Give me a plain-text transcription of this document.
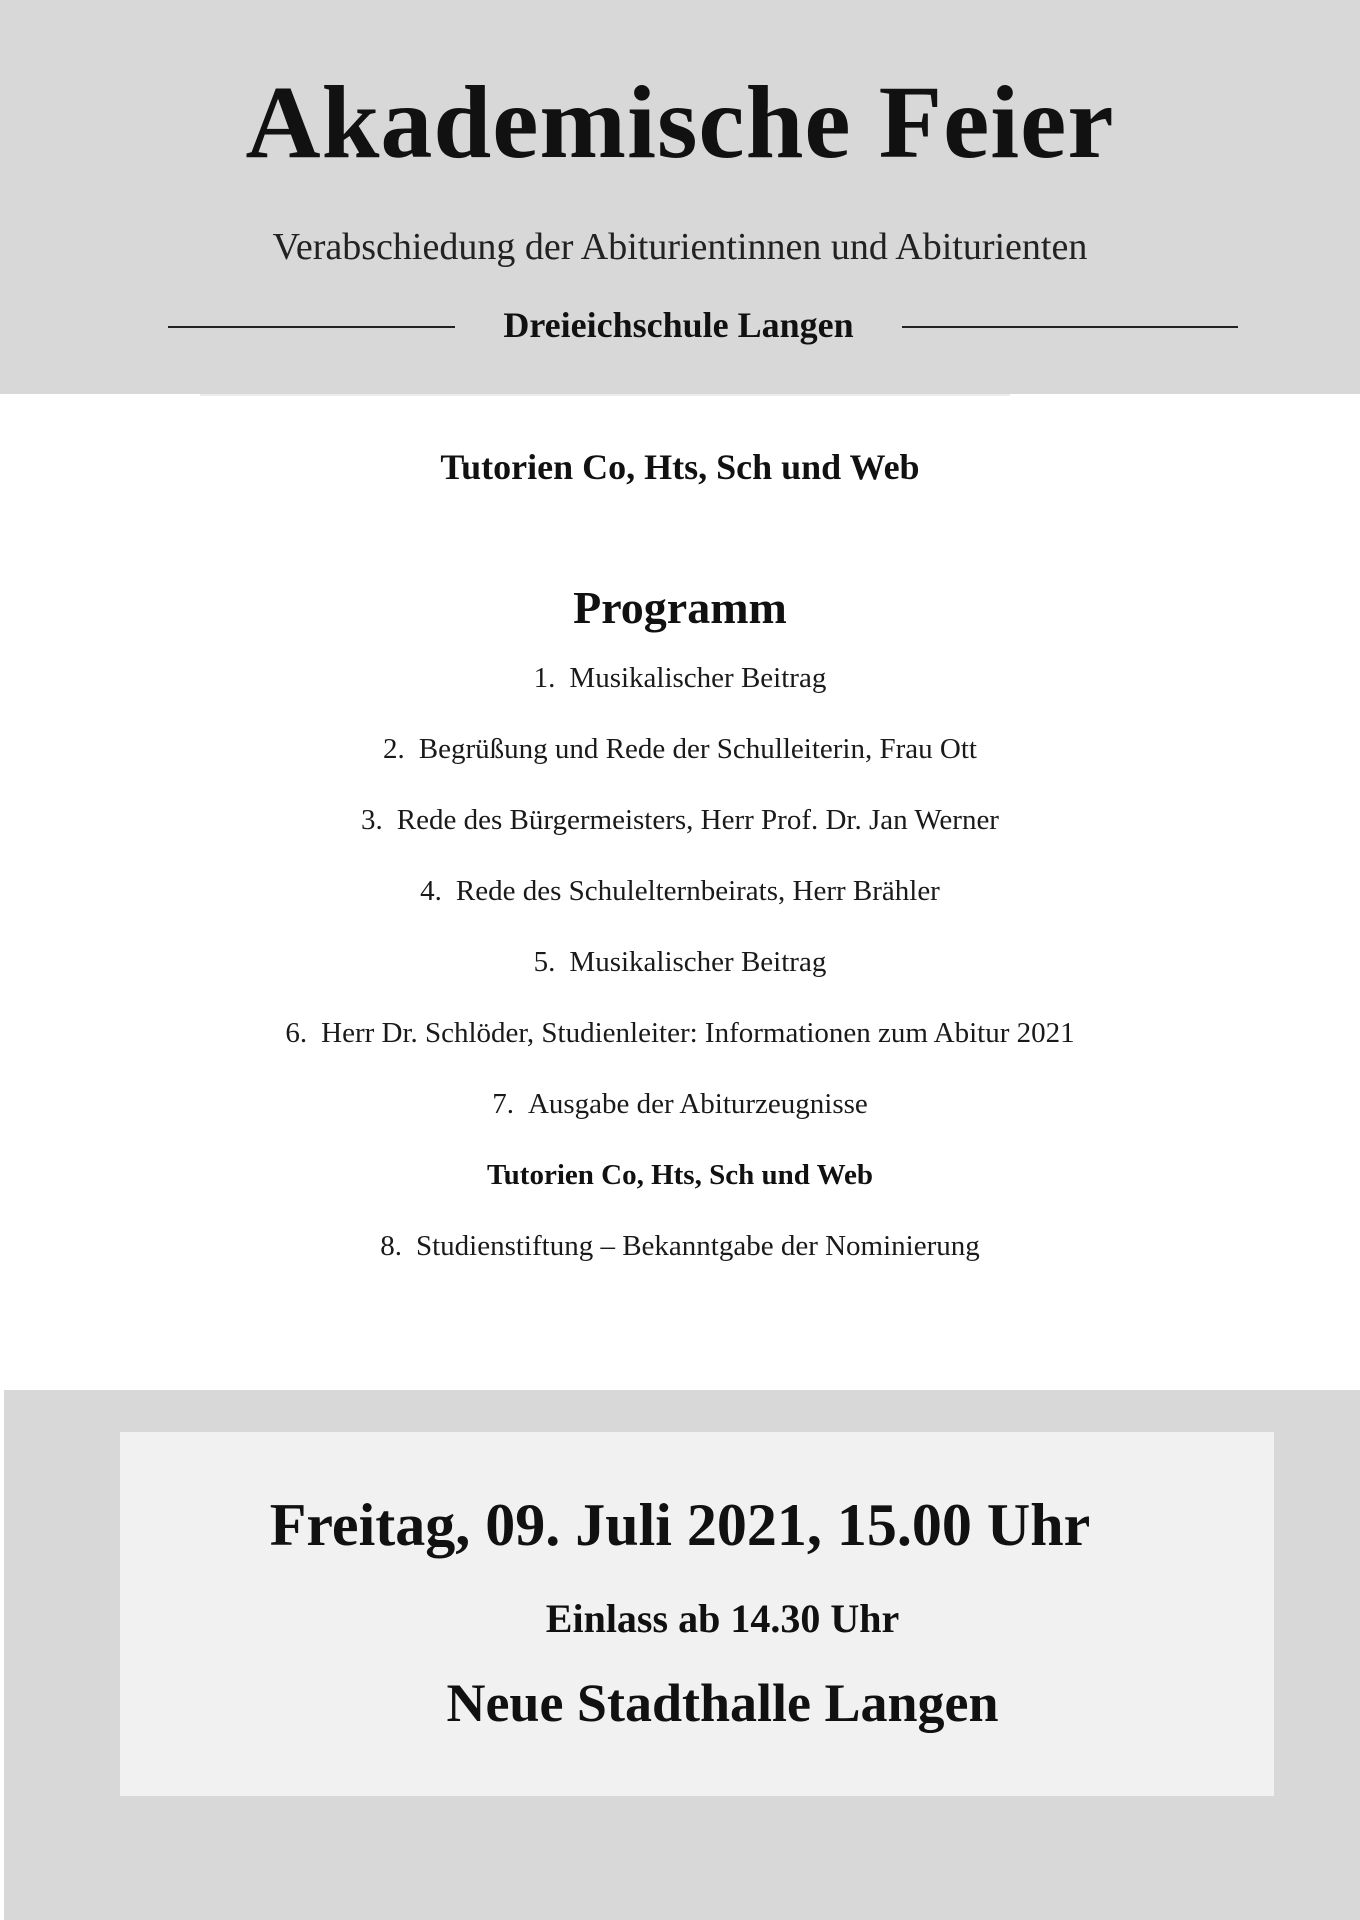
Akademische Feier
Verabschiedung der Abiturientinnen und Abiturienten
Dreieichschule Langen
Tutorien Co, Hts, Sch und Web
Programm
1. Musikalischer Beitrag
2. Begrüßung und Rede der Schulleiterin, Frau Ott
3. Rede des Bürgermeisters, Herr Prof. Dr. Jan Werner
4. Rede des Schulelternbeirats, Herr Brähler
5. Musikalischer Beitrag
6. Herr Dr. Schlöder, Studienleiter: Informationen zum Abitur 2021
7. Ausgabe der Abiturzeugnisse
Tutorien Co, Hts, Sch und Web
8. Studienstiftung – Bekanntgabe der Nominierung
Freitag, 09. Juli 2021, 15.00 Uhr
Einlass ab 14.30 Uhr
Neue Stadthalle Langen
